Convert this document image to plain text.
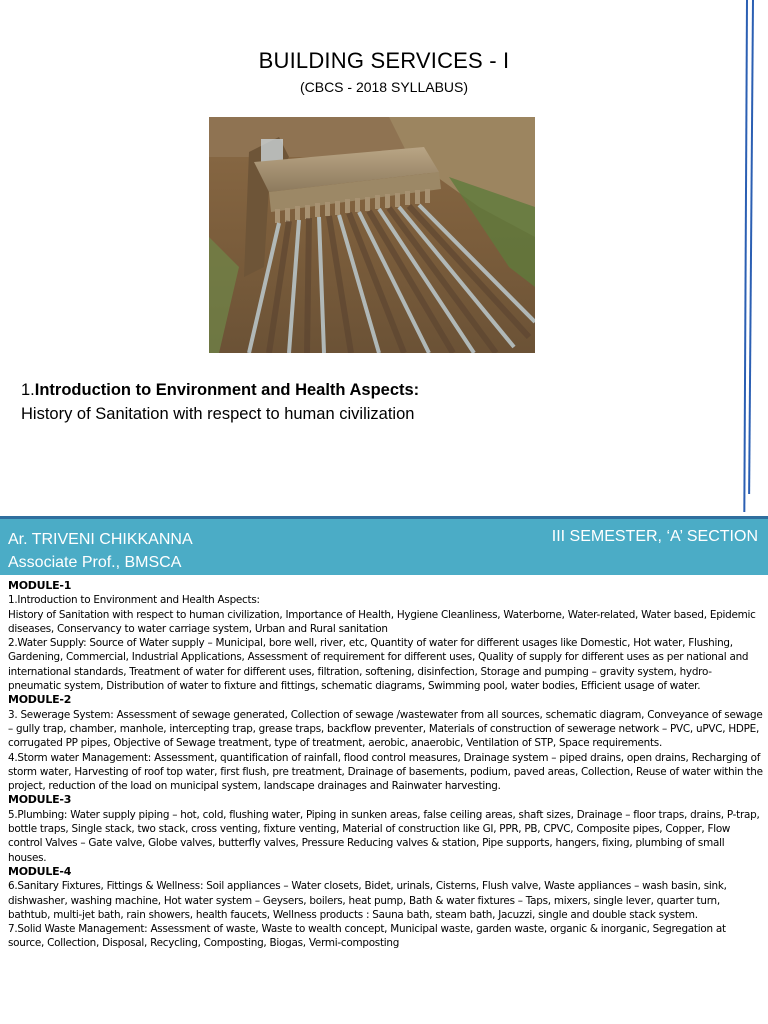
BUILDING SERVICES - I
(CBCS - 2018 SYLLABUS)
1.Introduction to Environment and Health Aspects:
History of Sanitation with respect to human civilization
Ar. TRIVENI CHIKKANNA
Associate Prof., BMSCA
III SEMESTER, ‘A’ SECTION

MODULE-1

1.Introduction to Environment and Health Aspects:

History of Sanitation with respect to human civilization, Importance of Health, Hygiene Cleanliness, Waterborne, Water-related, Water based, Epidemic diseases, Conservancy to water carriage system, Urban and Rural sanitation

2.Water Supply: Source of Water supply – Municipal, bore well, river, etc, Quantity of water for different usages like Domestic, Hot water, Flushing, Gardening, Commercial, Industrial Applications, Assessment of requirement for different uses, Quality of supply for different uses as per national and international standards, Treatment of water for different uses, filtration, softening, disinfection, Storage and pumping – gravity system, hydro-pneumatic system, Distribution of water to fixture and fittings, schematic diagrams, Swimming pool, water bodies, Efficient usage of water.

MODULE-2

3. Sewerage System: Assessment of sewage generated, Collection of sewage /wastewater from all sources, schematic diagram, Conveyance of sewage – gully trap, chamber, manhole, intercepting trap, grease traps, backflow preventer, Materials of construction of sewerage network – PVC, uPVC, HDPE, corrugated PP pipes, Objective of Sewage treatment, type of treatment, aerobic, anaerobic, Ventilation of STP, Space requirements.

4.Storm water Management: Assessment, quantification of rainfall, flood control measures, Drainage system – piped drains, open drains, Recharging of storm water, Harvesting of roof top water, first flush, pre treatment, Drainage of basements, podium, paved areas, Collection, Reuse of water within the project, reduction of the load on municipal system, landscape drainages and Rainwater harvesting.

MODULE-3

5.Plumbing: Water supply piping – hot, cold, flushing water, Piping in sunken areas, false ceiling areas, shaft sizes, Drainage – floor traps, drains, P-trap, bottle traps, Single stack, two stack, cross venting, fixture venting, Material of construction like GI, PPR, PB, CPVC, Composite pipes, Copper, Flow control Valves – Gate valve, Globe valves, butterfly valves, Pressure Reducing valves & station, Pipe supports, hangers, fixing, plumbing of small houses.

MODULE-4

6.Sanitary Fixtures, Fittings & Wellness: Soil appliances – Water closets, Bidet, urinals, Cisterns, Flush valve, Waste appliances – wash basin, sink, dishwasher, washing machine, Hot water system – Geysers, boilers, heat pump, Bath & water fixtures – Taps, mixers, single lever, quarter turn, bathtub, multi-jet bath, rain showers, health faucets, Wellness products : Sauna bath, steam bath, Jacuzzi, single and double stack system.

7.Solid Waste Management: Assessment of waste, Waste to wealth concept, Municipal waste, garden waste, organic & inorganic, Segregation at source, Collection, Disposal, Recycling, Composting, Biogas, Vermi-composting
